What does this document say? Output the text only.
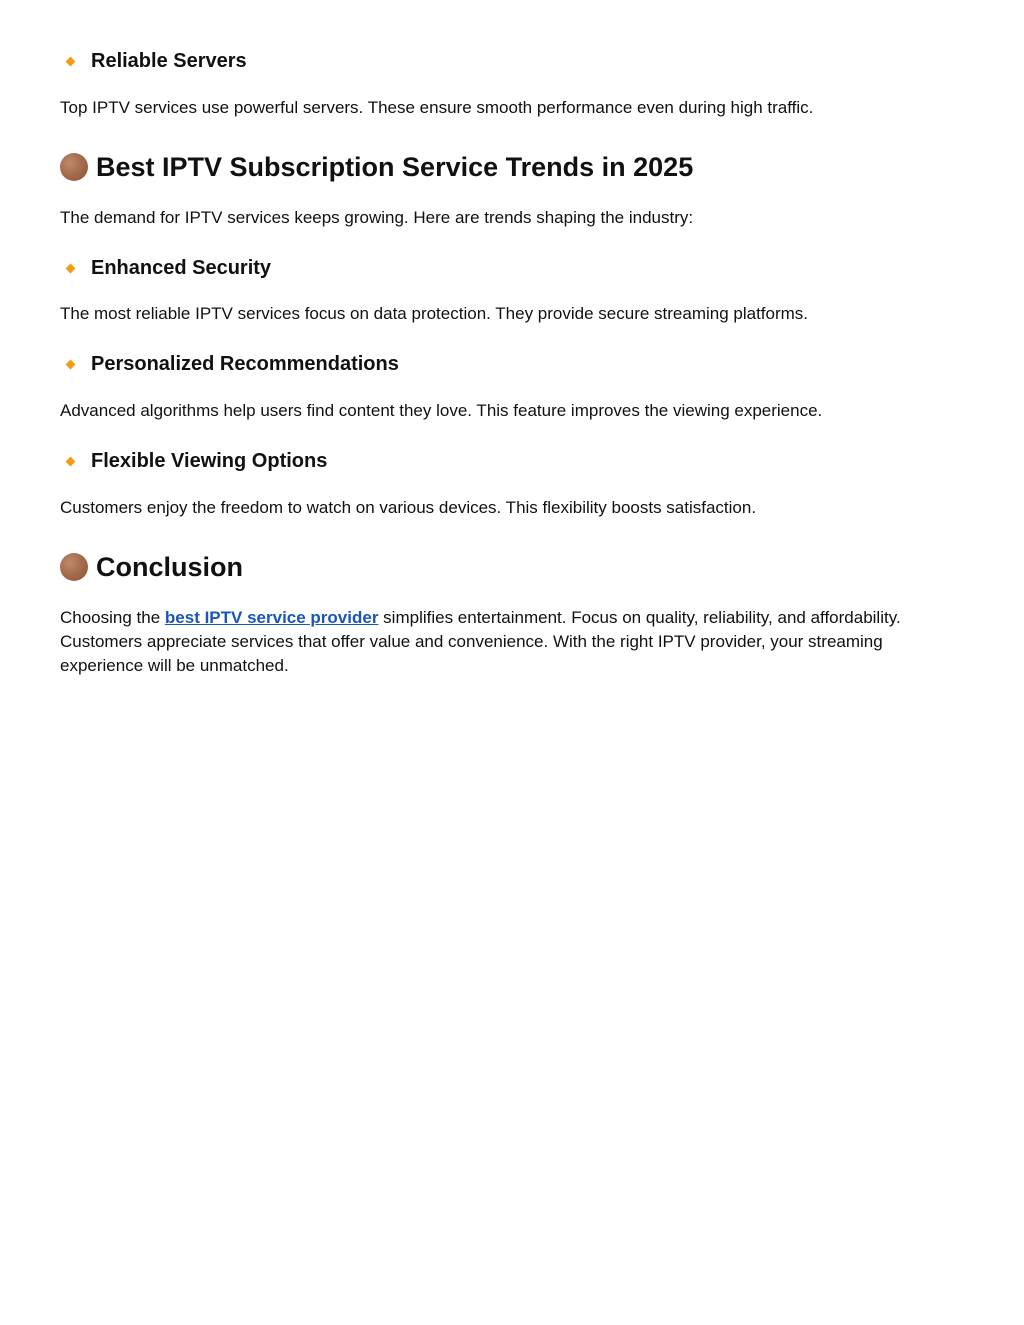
Reliable Servers
Top IPTV services use powerful servers. These ensure smooth performance even during high traffic.
Best IPTV Subscription Service Trends in 2025
The demand for IPTV services keeps growing. Here are trends shaping the industry:
Enhanced Security
The most reliable IPTV services focus on data protection. They provide secure streaming platforms.
Personalized Recommendations
Advanced algorithms help users find content they love. This feature improves the viewing experience.
Flexible Viewing Options
Customers enjoy the freedom to watch on various devices. This flexibility boosts satisfaction.
Conclusion
Choosing the best IPTV service provider simplifies entertainment. Focus on quality, reliability, and affordability. Customers appreciate services that offer value and convenience. With the right IPTV provider, your streaming experience will be unmatched.
